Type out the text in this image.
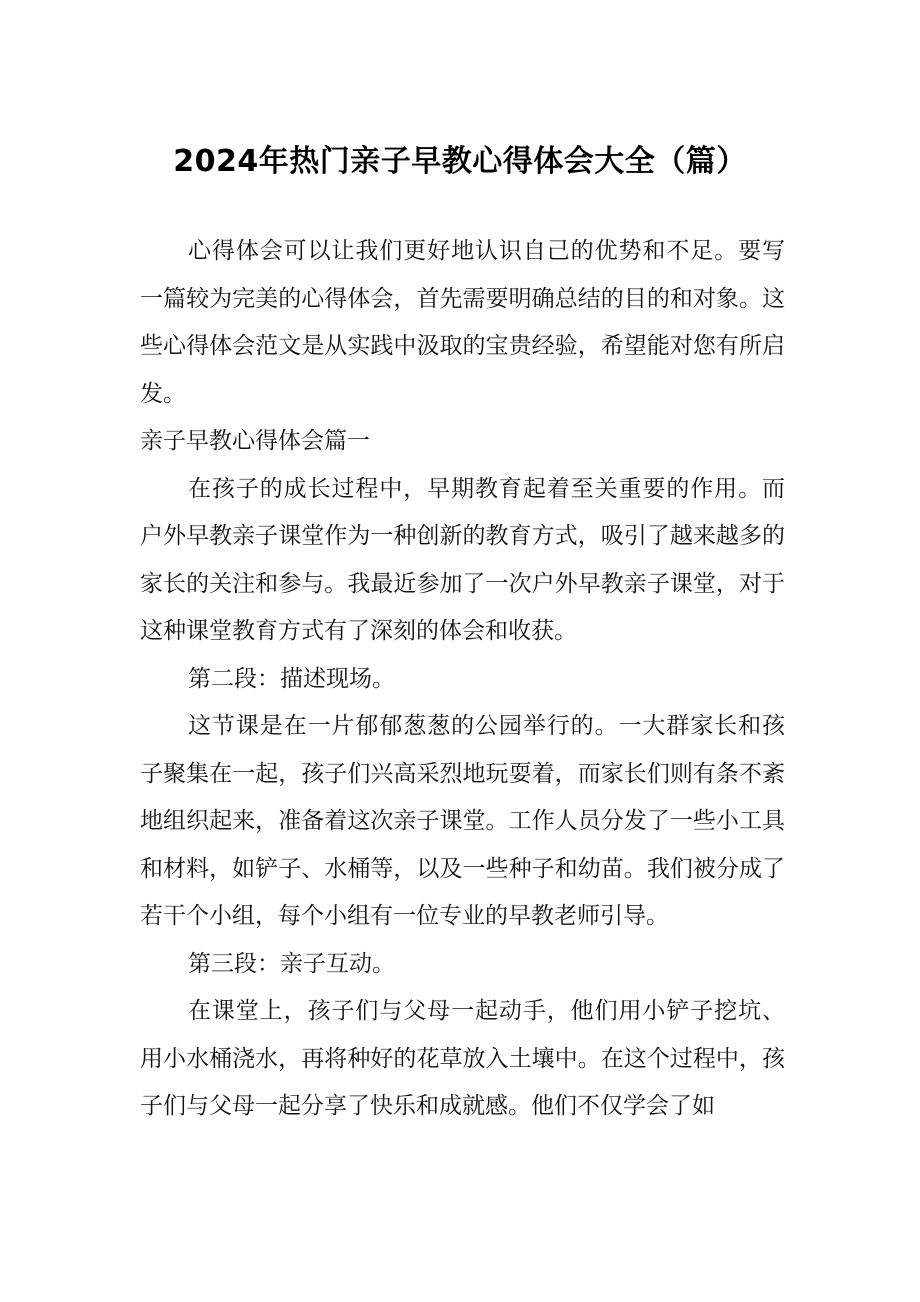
2024年热门亲子早教心得体会大全（篇）

心得体会可以让我们更好地认识自己的优势和不足。要写一篇较为完美的心得体会，首先需要明确总结的目的和对象。这些心得体会范文是从实践中汲取的宝贵经验，希望能对您有所启发。

亲子早教心得体会篇一

在孩子的成长过程中，早期教育起着至关重要的作用。而户外早教亲子课堂作为一种创新的教育方式，吸引了越来越多的家长的关注和参与。我最近参加了一次户外早教亲子课堂，对于这种课堂教育方式有了深刻的体会和收获。

第二段：描述现场。

这节课是在一片郁郁葱葱的公园举行的。一大群家长和孩子聚集在一起，孩子们兴高采烈地玩耍着，而家长们则有条不紊地组织起来，准备着这次亲子课堂。工作人员分发了一些小工具和材料，如铲子、水桶等，以及一些种子和幼苗。我们被分成了若干个小组，每个小组有一位专业的早教老师引导。

第三段：亲子互动。

在课堂上，孩子们与父母一起动手，他们用小铲子挖坑、用小水桶浇水，再将种好的花草放入土壤中。在这个过程中，孩子们与父母一起分享了快乐和成就感。他们不仅学会了如
